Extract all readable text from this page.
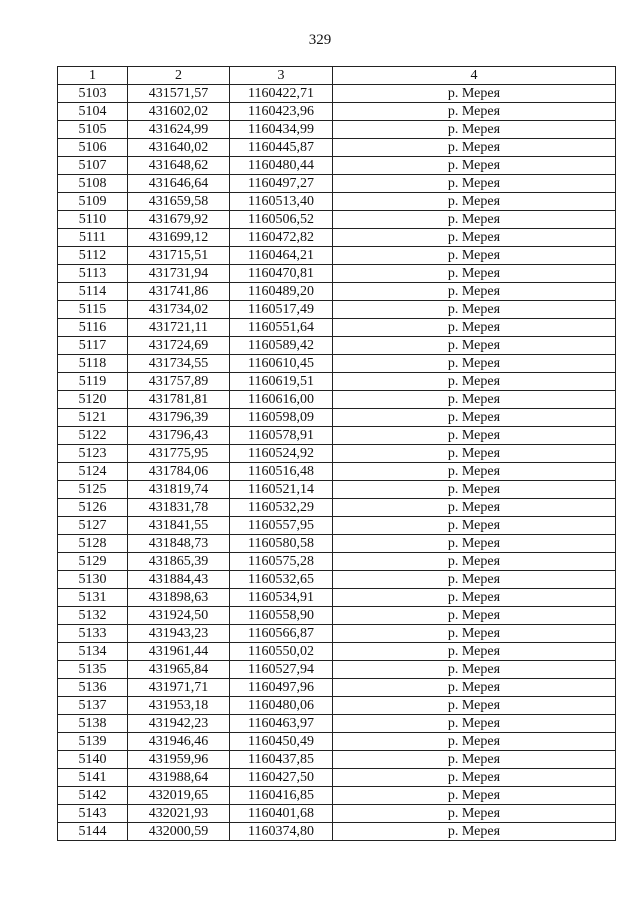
329
1	2	3	4
5103	431571,57	1160422,71	р. Мерея
5104	431602,02	1160423,96	р. Мерея
5105	431624,99	1160434,99	р. Мерея
5106	431640,02	1160445,87	р. Мерея
5107	431648,62	1160480,44	р. Мерея
5108	431646,64	1160497,27	р. Мерея
5109	431659,58	1160513,40	р. Мерея
5110	431679,92	1160506,52	р. Мерея
5111	431699,12	1160472,82	р. Мерея
5112	431715,51	1160464,21	р. Мерея
5113	431731,94	1160470,81	р. Мерея
5114	431741,86	1160489,20	р. Мерея
5115	431734,02	1160517,49	р. Мерея
5116	431721,11	1160551,64	р. Мерея
5117	431724,69	1160589,42	р. Мерея
5118	431734,55	1160610,45	р. Мерея
5119	431757,89	1160619,51	р. Мерея
5120	431781,81	1160616,00	р. Мерея
5121	431796,39	1160598,09	р. Мерея
5122	431796,43	1160578,91	р. Мерея
5123	431775,95	1160524,92	р. Мерея
5124	431784,06	1160516,48	р. Мерея
5125	431819,74	1160521,14	р. Мерея
5126	431831,78	1160532,29	р. Мерея
5127	431841,55	1160557,95	р. Мерея
5128	431848,73	1160580,58	р. Мерея
5129	431865,39	1160575,28	р. Мерея
5130	431884,43	1160532,65	р. Мерея
5131	431898,63	1160534,91	р. Мерея
5132	431924,50	1160558,90	р. Мерея
5133	431943,23	1160566,87	р. Мерея
5134	431961,44	1160550,02	р. Мерея
5135	431965,84	1160527,94	р. Мерея
5136	431971,71	1160497,96	р. Мерея
5137	431953,18	1160480,06	р. Мерея
5138	431942,23	1160463,97	р. Мерея
5139	431946,46	1160450,49	р. Мерея
5140	431959,96	1160437,85	р. Мерея
5141	431988,64	1160427,50	р. Мерея
5142	432019,65	1160416,85	р. Мерея
5143	432021,93	1160401,68	р. Мерея
5144	432000,59	1160374,80	р. Мерея
